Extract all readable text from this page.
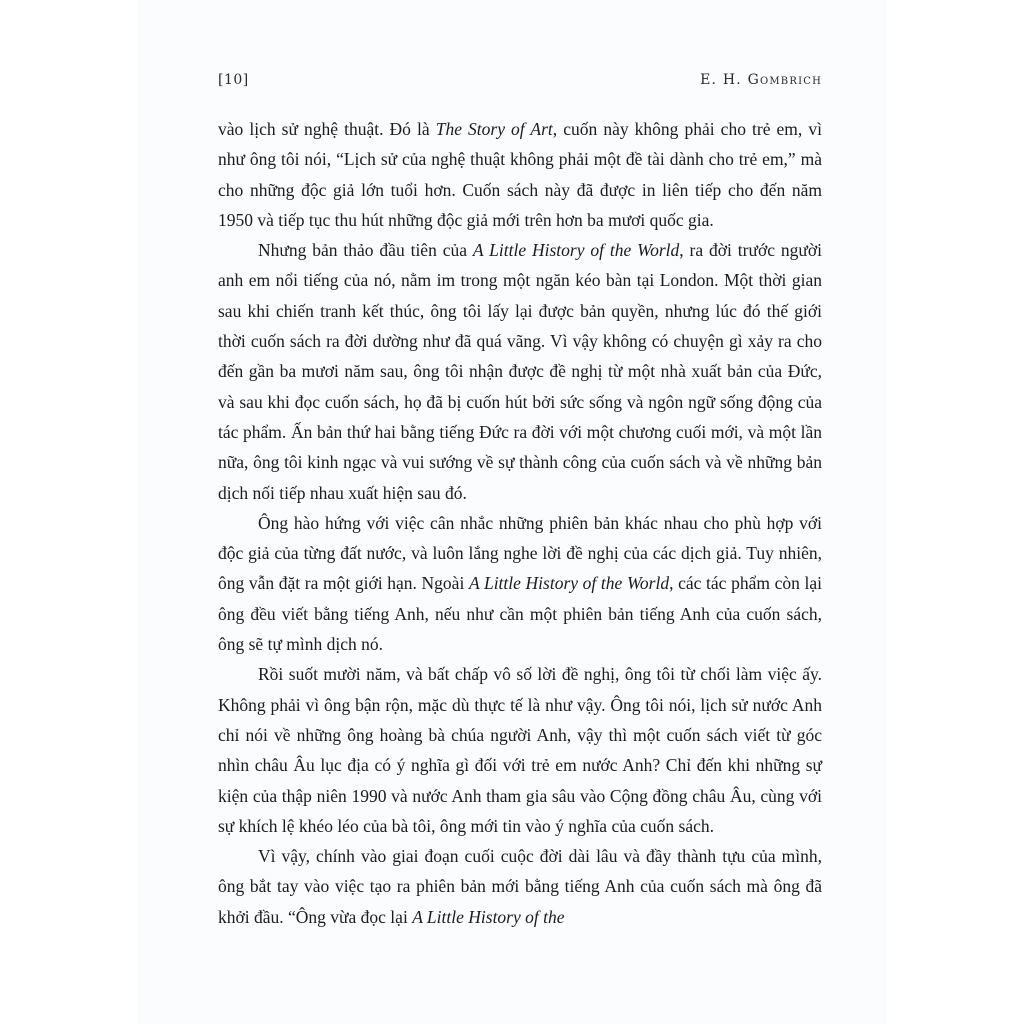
[10]	E. H. Gombrich

vào lịch sử nghệ thuật. Đó là The Story of Art, cuốn này không phải cho trẻ em, vì như ông tôi nói, “Lịch sử của nghệ thuật không phải một đề tài dành cho trẻ em,” mà cho những độc giả lớn tuổi hơn. Cuốn sách này đã được in liên tiếp cho đến năm 1950 và tiếp tục thu hút những độc giả mới trên hơn ba mươi quốc gia.

Nhưng bản thảo đầu tiên của A Little History of the World, ra đời trước người anh em nổi tiếng của nó, nằm im trong một ngăn kéo bàn tại London. Một thời gian sau khi chiến tranh kết thúc, ông tôi lấy lại được bản quyền, nhưng lúc đó thế giới thời cuốn sách ra đời dường như đã quá vãng. Vì vậy không có chuyện gì xảy ra cho đến gần ba mươi năm sau, ông tôi nhận được đề nghị từ một nhà xuất bản của Đức, và sau khi đọc cuốn sách, họ đã bị cuốn hút bởi sức sống và ngôn ngữ sống động của tác phẩm. Ấn bản thứ hai bằng tiếng Đức ra đời với một chương cuối mới, và một lần nữa, ông tôi kinh ngạc và vui sướng về sự thành công của cuốn sách và về những bản dịch nối tiếp nhau xuất hiện sau đó.

Ông hào hứng với việc cân nhắc những phiên bản khác nhau cho phù hợp với độc giả của từng đất nước, và luôn lắng nghe lời đề nghị của các dịch giả. Tuy nhiên, ông vẫn đặt ra một giới hạn. Ngoài A Little History of the World, các tác phẩm còn lại ông đều viết bằng tiếng Anh, nếu như cần một phiên bản tiếng Anh của cuốn sách, ông sẽ tự mình dịch nó.

Rồi suốt mười năm, và bất chấp vô số lời đề nghị, ông tôi từ chối làm việc ấy. Không phải vì ông bận rộn, mặc dù thực tế là như vậy. Ông tôi nói, lịch sử nước Anh chỉ nói về những ông hoàng bà chúa người Anh, vậy thì một cuốn sách viết từ góc nhìn châu Âu lục địa có ý nghĩa gì đối với trẻ em nước Anh? Chỉ đến khi những sự kiện của thập niên 1990 và nước Anh tham gia sâu vào Cộng đồng châu Âu, cùng với sự khích lệ khéo léo của bà tôi, ông mới tin vào ý nghĩa của cuốn sách.

Vì vậy, chính vào giai đoạn cuối cuộc đời dài lâu và đầy thành tựu của mình, ông bắt tay vào việc tạo ra phiên bản mới bằng tiếng Anh của cuốn sách mà ông đã khởi đầu. “Ông vừa đọc lại A Little History of the
